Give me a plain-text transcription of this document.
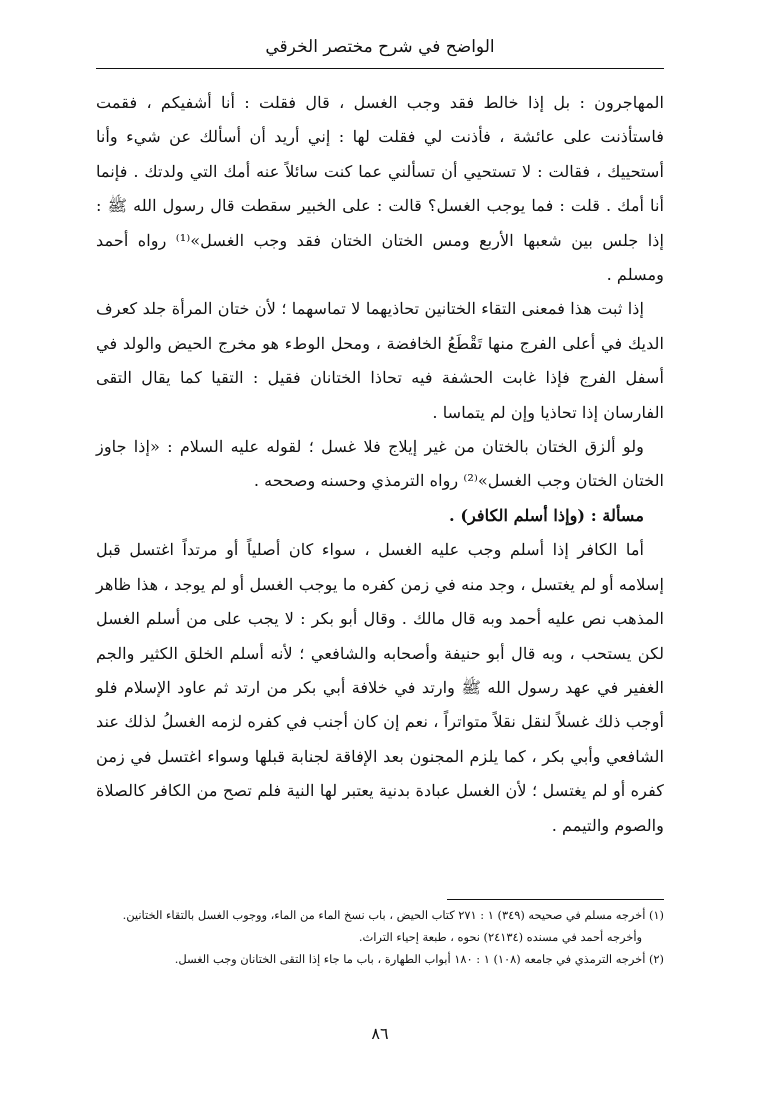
الواضح في شرح مختصر الخرقي

المهاجرون : بل إذا خالط فقد وجب الغسل ، قال فقلت : أنا أشفيكم ، فقمت فاستأذنت على عائشة ، فأذنت لي فقلت لها : إني أريد أن أسألك عن شيء وأنا أستحييك ، فقالت : لا تستحيي أن تسألني عما كنت سائلاً عنه أمك التي ولدتك . فإنما أنا أمك . قلت : فما يوجب الغسل؟ قالت : على الخبير سقطت قال رسول الله ﷺ : إذا جلس بين شعبها الأربع ومس الختان الختان فقد وجب الغسل»⁽¹⁾ رواه أحمد ومسلم .

إذا ثبت هذا فمعنى التقاء الختانين تحاذيهما لا تماسهما ؛ لأن ختان المرأة جلد كعرف الديك في أعلى الفرج منها تَقْطَعُ الخافضة ، ومحل الوطء هو مخرج الحيض والولد في أسفل الفرج فإذا غابت الحشفة فيه تحاذا الختانان فقيل : التقيا كما يقال التقى الفارسان إذا تحاذيا وإن لم يتماسا .

ولو ألزق الختان بالختان من غير إيلاج فلا غسل ؛ لقوله عليه السلام : «إذا جاوز الختان الختان وجب الغسل»⁽²⁾ رواه الترمذي وحسنه وصححه .

مسألة : (وإذا أسلم الكافر) .

أما الكافر إذا أسلم وجب عليه الغسل ، سواء كان أصلياً أو مرتداً اغتسل قبل إسلامه أو لم يغتسل ، وجد منه في زمن كفره ما يوجب الغسل أو لم يوجد ، هذا ظاهر المذهب نص عليه أحمد وبه قال مالك . وقال أبو بكر : لا يجب على من أسلم الغسل لكن يستحب ، وبه قال أبو حنيفة وأصحابه والشافعي ؛ لأنه أسلم الخلق الكثير والجم الغفير في عهد رسول الله ﷺ وارتد في خلافة أبي بكر من ارتد ثم عاود الإسلام فلو أوجب ذلك غسلاً لنقل نقلاً متواتراً ، نعم إن كان أجنب في كفره لزمه الغسلُ لذلك عند الشافعي وأبي بكر ، كما يلزم المجنون بعد الإفاقة لجنابة قبلها وسواء اغتسل في زمن كفره أو لم يغتسل ؛ لأن الغسل عبادة بدنية يعتبر لها النية فلم تصح من الكافر كالصلاة والصوم والتيمم .

(١) أخرجه مسلم في صحيحه (٣٤٩) ١ : ٢٧١ كتاب الحيض ، باب نسخ الماء من الماء، ووجوب الغسل بالتقاء الختانين.

وأخرجه أحمد في مسنده (٢٤١٣٤) نحوه ، طبعة إحياء التراث.

(٢) أخرجه الترمذي في جامعه (١٠٨) ١ : ١٨٠ أبواب الطهارة ، باب ما جاء إذا التقى الختانان وجب الغسل.

٨٦
